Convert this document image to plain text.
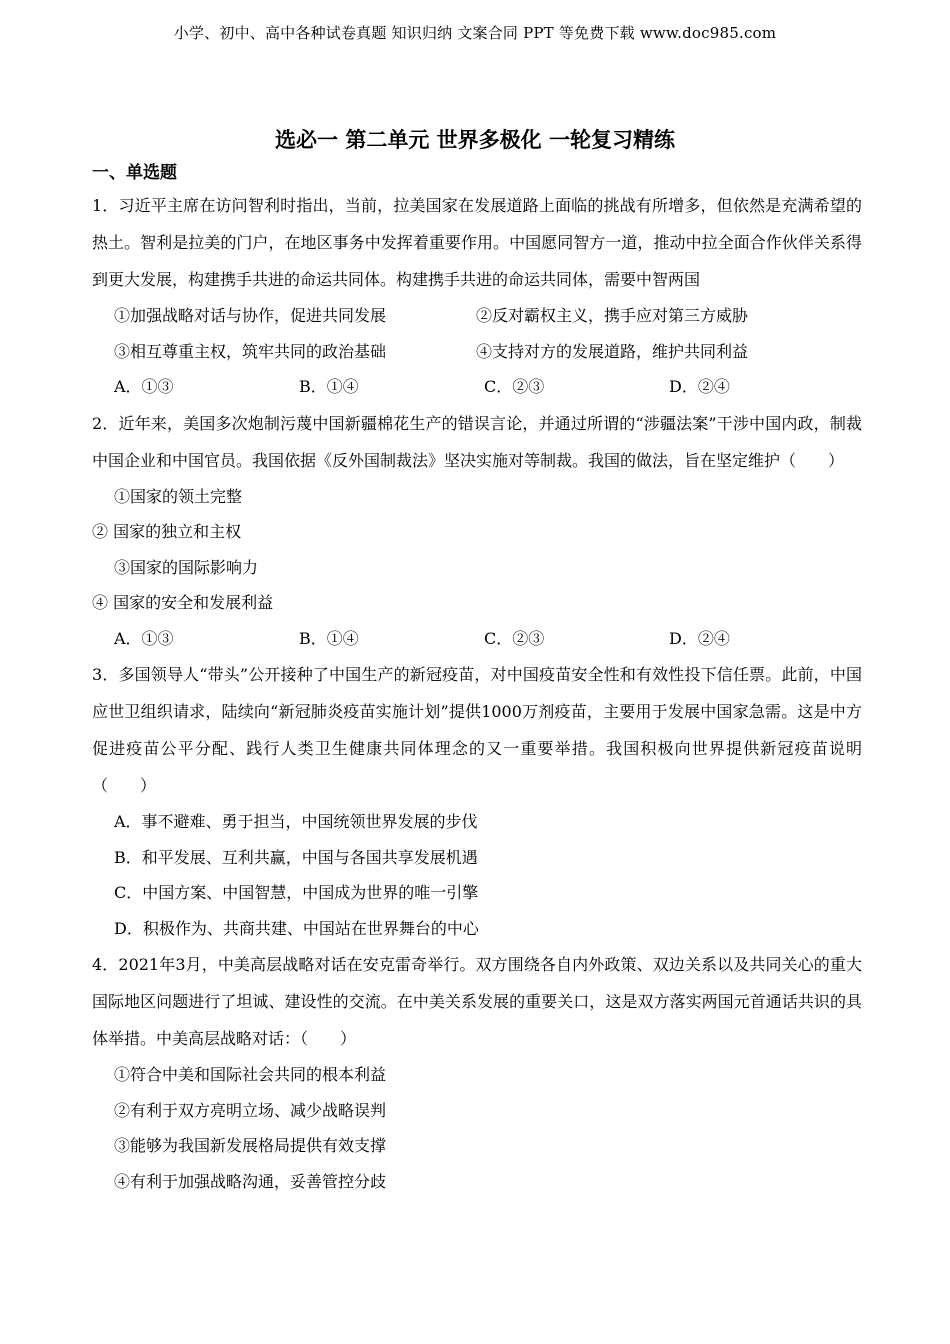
小学、初中、高中各种试卷真题 知识归纳 文案合同 PPT 等免费下载 www.doc985.com
选必一 第二单元 世界多极化 一轮复习精练
一、单选题

1．习近平主席在访问智利时指出，当前，拉美国家在发展道路上面临的挑战有所增多，但依然是充满希望的热土。智利是拉美的门户，在地区事务中发挥着重要作用。中国愿同智方一道，推动中拉全面合作伙伴关系得到更大发展，构建携手共进的命运共同体。构建携手共进的命运共同体，需要中智两国

①加强战略对话与协作，促进共同发展	②反对霸权主义，携手应对第三方威胁
③相互尊重主权，筑牢共同的政治基础	④支持对方的发展道路，维护共同利益
A．①③	B．①④	C．②③	D．②④

2．近年来，美国多次炮制污蔑中国新疆棉花生产的错误言论，并通过所谓的“涉疆法案”干涉中国内政，制裁中国企业和中国官员。我国依据《反外国制裁法》坚决实施对等制裁。我国的做法，旨在坚定维护（　　）

①国家的领土完整
② 国家的独立和主权
③国家的国际影响力
④ 国家的安全和发展利益
A．①③	B．①④	C．②③	D．②④

3．多国领导人“带头”公开接种了中国生产的新冠疫苗，对中国疫苗安全性和有效性投下信任票。此前，中国应世卫组织请求，陆续向“新冠肺炎疫苗实施计划”提供1000万剂疫苗，主要用于发展中国家急需。这是中方促进疫苗公平分配、践行人类卫生健康共同体理念的又一重要举措。我国积极向世界提供新冠疫苗说明（　　）

A．事不避难、勇于担当，中国统领世界发展的步伐
B．和平发展、互利共赢，中国与各国共享发展机遇
C．中国方案、中国智慧，中国成为世界的唯一引擎
D．积极作为、共商共建、中国站在世界舞台的中心

4．2021年3月，中美高层战略对话在安克雷奇举行。双方围绕各自内外政策、双边关系以及共同关心的重大国际地区问题进行了坦诚、建设性的交流。在中美关系发展的重要关口，这是双方落实两国元首通话共识的具体举措。中美高层战略对话：（　　）

①符合中美和国际社会共同的根本利益
②有利于双方亮明立场、减少战略误判
③能够为我国新发展格局提供有效支撑
④有利于加强战略沟通，妥善管控分歧
